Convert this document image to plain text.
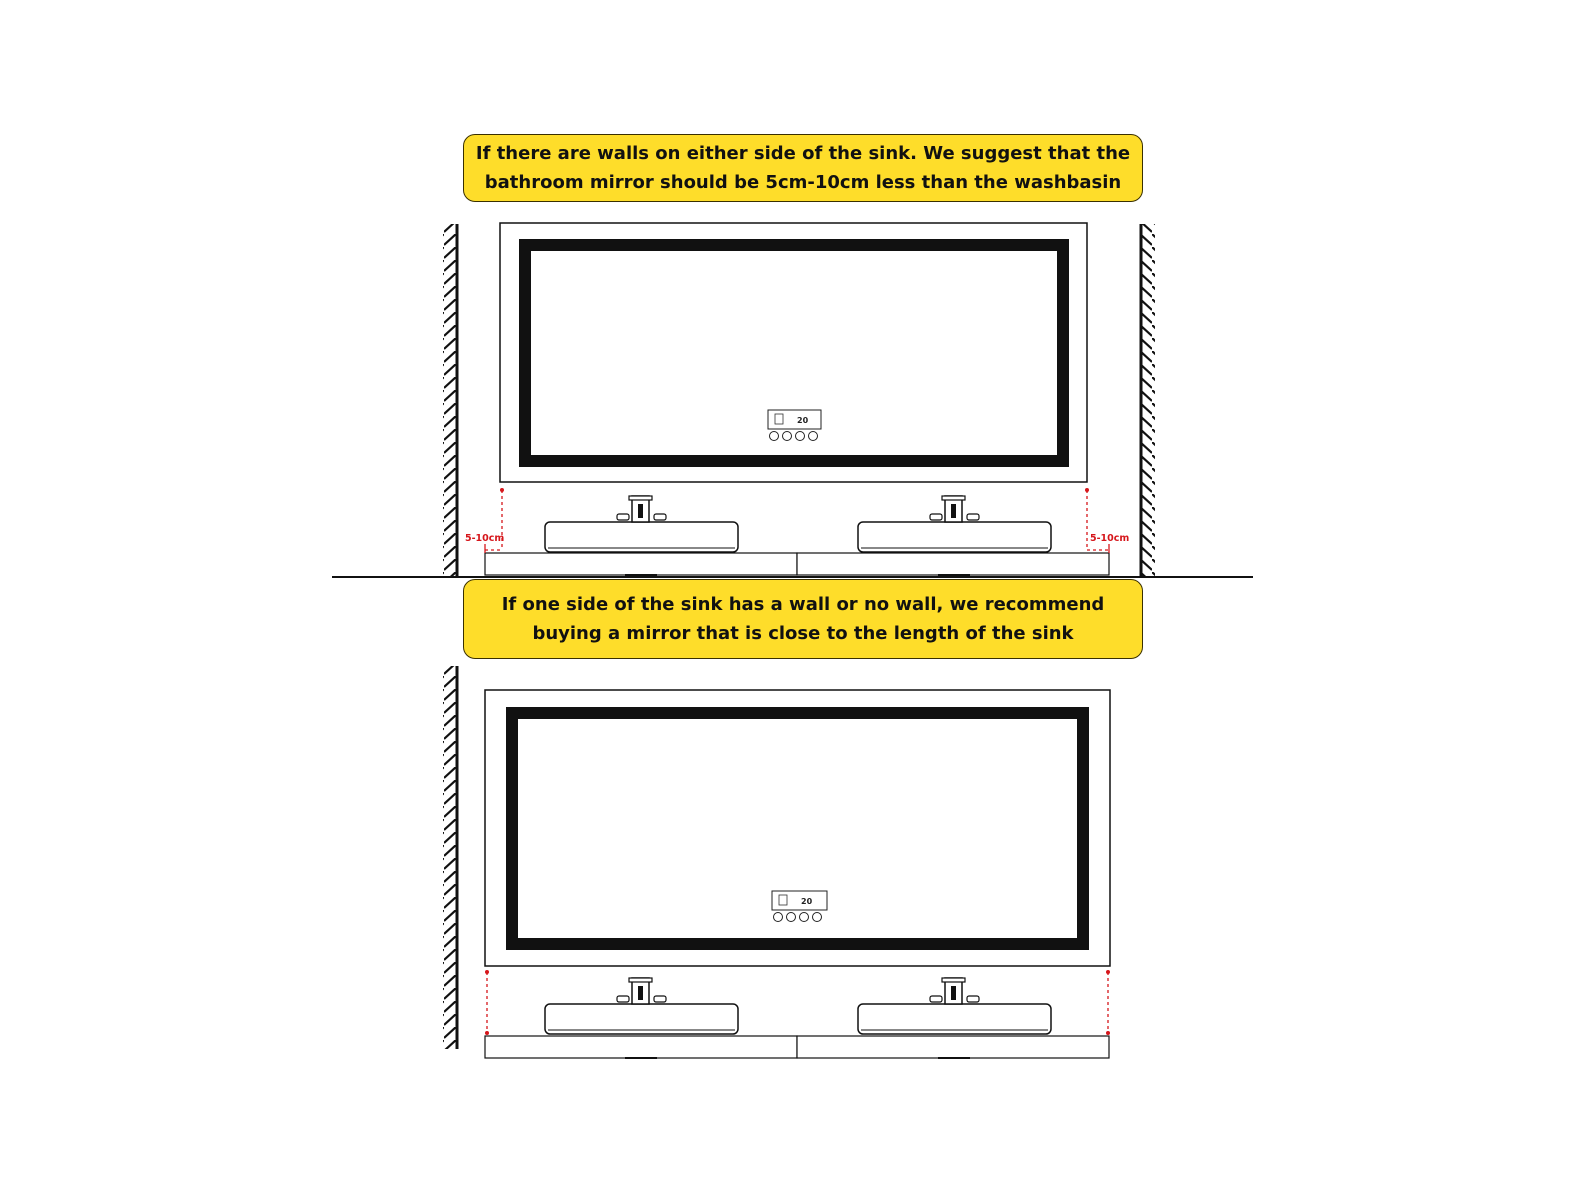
If there are walls on either side of the sink. We suggest that the
bathroom mirror should be 5cm-10cm less than the washbasin
If one side of the sink has a wall or no wall, we recommend
buying a mirror that is close to the length of the sink
20
5-10cm	5-10cm
20
